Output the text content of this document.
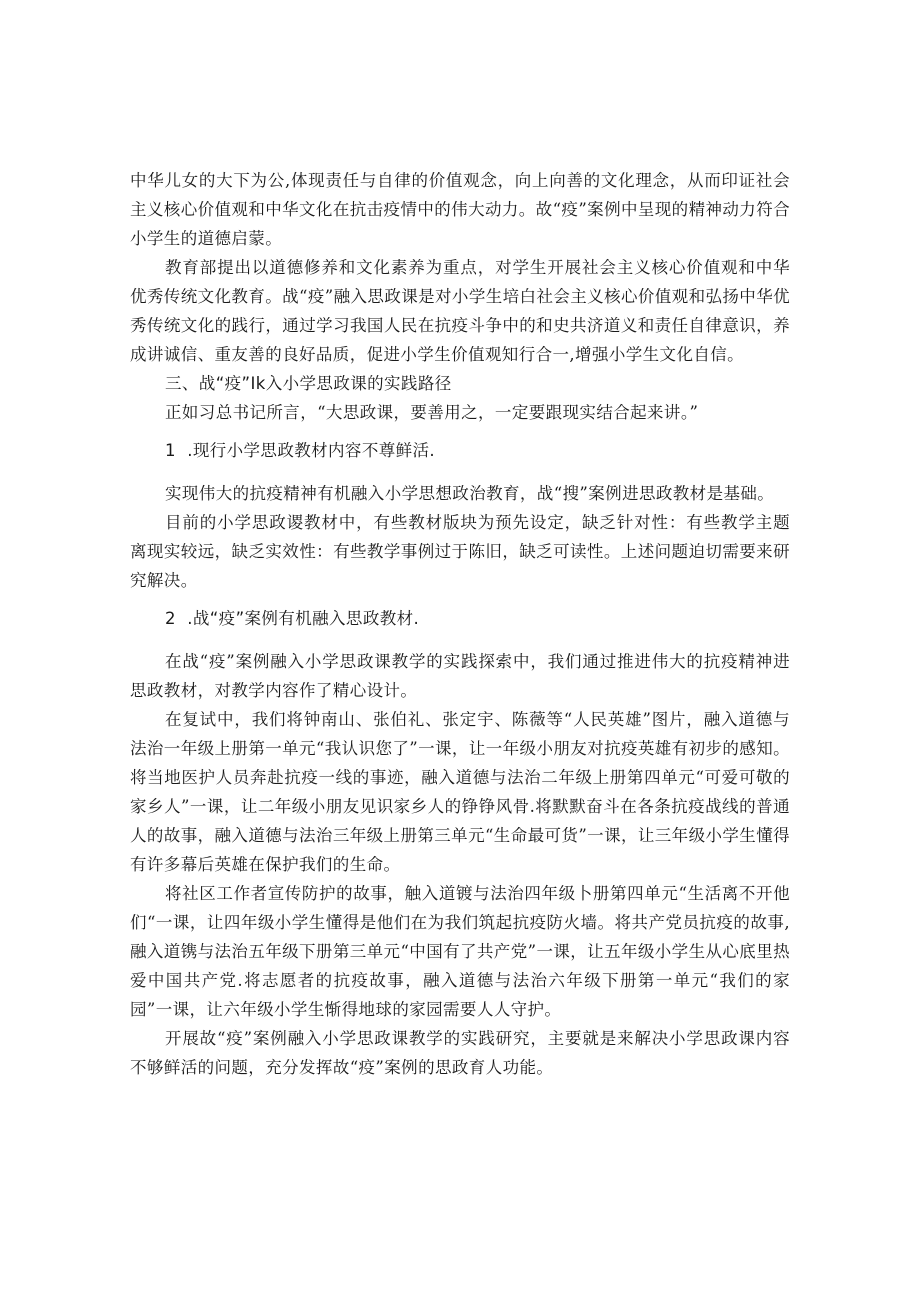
中华儿女的大下为公,体现责任与自律的价值观念，向上向善的文化理念，从而印证社会主义核心价值观和中华文化在抗击疫情中的伟大动力。故“疫”案例中呈现的精神动力符合小学生的道德启蒙。

教育部提出以道德修养和文化素养为重点，对学生开展社会主义核心价值观和中华优秀传统文化教育。战“疫”融入思政课是对小学生培白社会主义核心价值观和弘扬中华优秀传统文化的践行，通过学习我国人民在抗疫斗争中的和史共济道义和责任自律意识，养成讲诚信、重友善的良好品质，促进小学生价值观知行合一,增强小学生文化自信。

三、战“疫”Ik入小学思政课的实践路径

正如习总书记所言，“大思政课，要善用之，一定要跟现实结合起来讲。”

1  .现行小学思政教材内容不尊鲜活.

实现伟大的抗疫精神有机融入小学思想政治教育，战“搜”案例进思政教材是基础。

目前的小学思政谡教材中，有些教材版块为预先设定，缺乏针对性：有些教学主题离现实较远，缺乏实效性：有些教学事例过于陈旧，缺乏可读性。上述问题迫切需要来研究解决。

2  .战“疫”案例有机融入思政教材.

在战“疫”案例融入小学思政课教学的实践探索中，我们通过推进伟大的抗疫精神进思政教材，对教学内容作了精心设计。

在复试中，我们将钟南山、张伯礼、张定宇、陈薇等“人民英雄”图片，融入道德与法治一年级上册第一单元“我认识您了”一课，让一年级小朋友对抗疫英雄有初步的感知。将当地医护人员奔赴抗疫一线的事迹，融入道德与法治二年级上册第四单元“可爱可敬的家乡人”一课，让二年级小朋友见识家乡人的铮铮风骨.将默默奋斗在各条抗疫战线的普通人的故事，融入道德与法治三年级上册第三单元“生命最可货”一课，让三年级小学生懂得有许多幕后英雄在保护我们的生命。

将社区工作者宣传防护的故事，触入道镀与法治四年级卜册第四单元“生活离不开他们“一课，让四年级小学生懂得是他们在为我们筑起抗疫防火墙。将共产党员抗疫的故事,融入道镌与法治五年级下册第三单元“中国有了共产党”一课，让五年级小学生从心底里热爱中国共产党.将志愿者的抗疫故事，融入道德与法治六年级下册第一单元“我们的家园”一课，让六年级小学生惭得地球的家园需要人人守护。

开展故“疫”案例融入小学思政课教学的实践研究，主要就是来解决小学思政课内容不够鲜活的问题，充分发挥故“疫”案例的思政育人功能。
